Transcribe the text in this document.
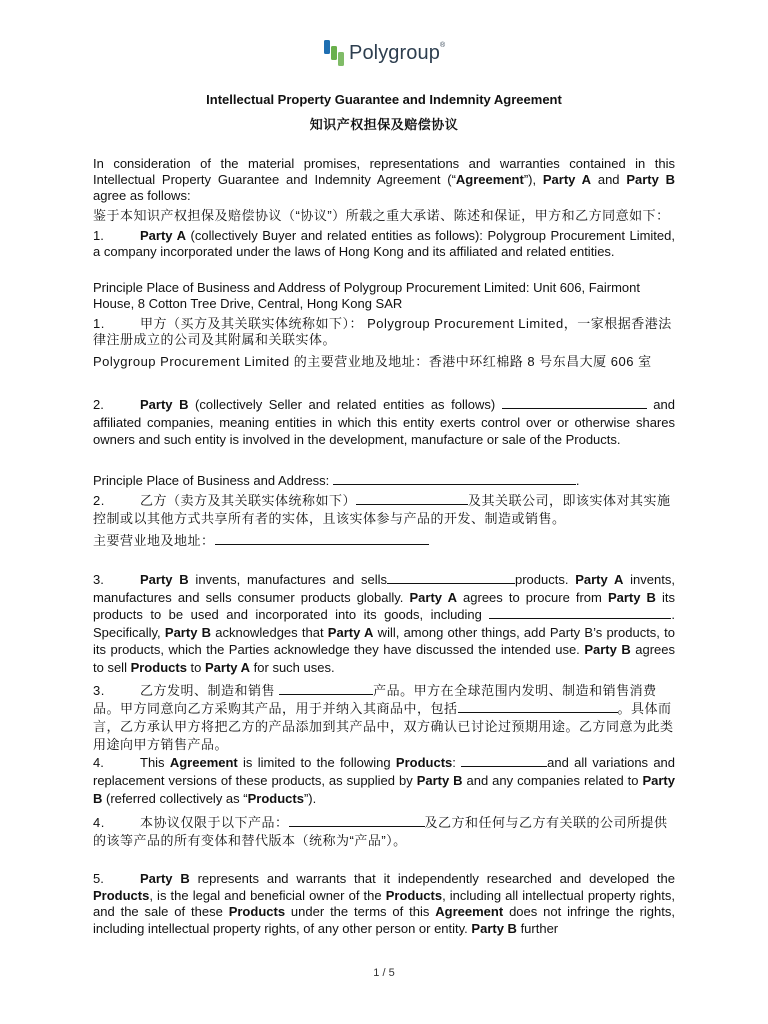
Polygroup®
Intellectual Property Guarantee and Indemnity Agreement
知识产权担保及赔偿协议
In consideration of the material promises, representations and warranties contained in this Intellectual Property Guarantee and Indemnity Agreement (“Agreement”), Party A and Party B agree as follows:
鉴于本知识产权担保及赔偿协议（“协议”）所载之重大承诺、陈述和保证，甲方和乙方同意如下：
1.	Party A (collectively Buyer and related entities as follows): Polygroup Procurement Limited, a company incorporated under the laws of Hong Kong and its affiliated and related entities.
Principle Place of Business and Address of Polygroup Procurement Limited: Unit 606, Fairmont House, 8 Cotton Tree Drive, Central, Hong Kong SAR
1.	甲方（买方及其关联实体统称如下）： Polygroup Procurement Limited，一家根据香港法律注册成立的公司及其附属和关联实体。
Polygroup Procurement Limited 的主要营业地及地址：香港中环红棉路 8 号东昌大厦 606 室
2.	Party B (collectively Seller and related entities as follows)	and affiliated companies, meaning entities in which this entity exerts control over or otherwise shares owners and such entity is involved in the development, manufacture or sale of the Products.
Principle Place of Business and Address:	.
2.	乙方（卖方及其关联实体统称如下）	及其关联公司，即该实体对其实施控制或以其他方式共享所有者的实体，且该实体参与产品的开发、制造或销售。
主要营业地及地址：
3.	Party B invents, manufactures and sells	products. Party A invents, manufactures and sells consumer products globally. Party A agrees to procure from Party B its products to be used and incorporated into its goods, including	. Specifically, Party B acknowledges that Party A will, among other things, add Party B’s products, to its products, which the Parties acknowledge they have discussed the intended use. Party B agrees to sell Products to Party A for such uses.
3.	乙方发明、制造和销售	产品。甲方在全球范围内发明、制造和销售消费品。甲方同意向乙方采购其产品，用于并纳入其商品中，包括	。具体而言，乙方承认甲方将把乙方的产品添加到其产品中，双方确认已讨论过预期用途。乙方同意为此类用途向甲方销售产品。
4.	This Agreement is limited to the following Products:	and all variations and replacement versions of these products, as supplied by Party B and any companies related to Party B (referred collectively as “Products”).
4.	本协议仅限于以下产品：	及乙方和任何与乙方有关联的公司所提供的该等产品的所有变体和替代版本（统称为“产品”）。
5.	Party B represents and warrants that it independently researched and developed the Products, is the legal and beneficial owner of the Products, including all intellectual property rights, and the sale of these Products under the terms of this Agreement does not infringe the rights, including intellectual property rights, of any other person or entity. Party B further
1 / 5
